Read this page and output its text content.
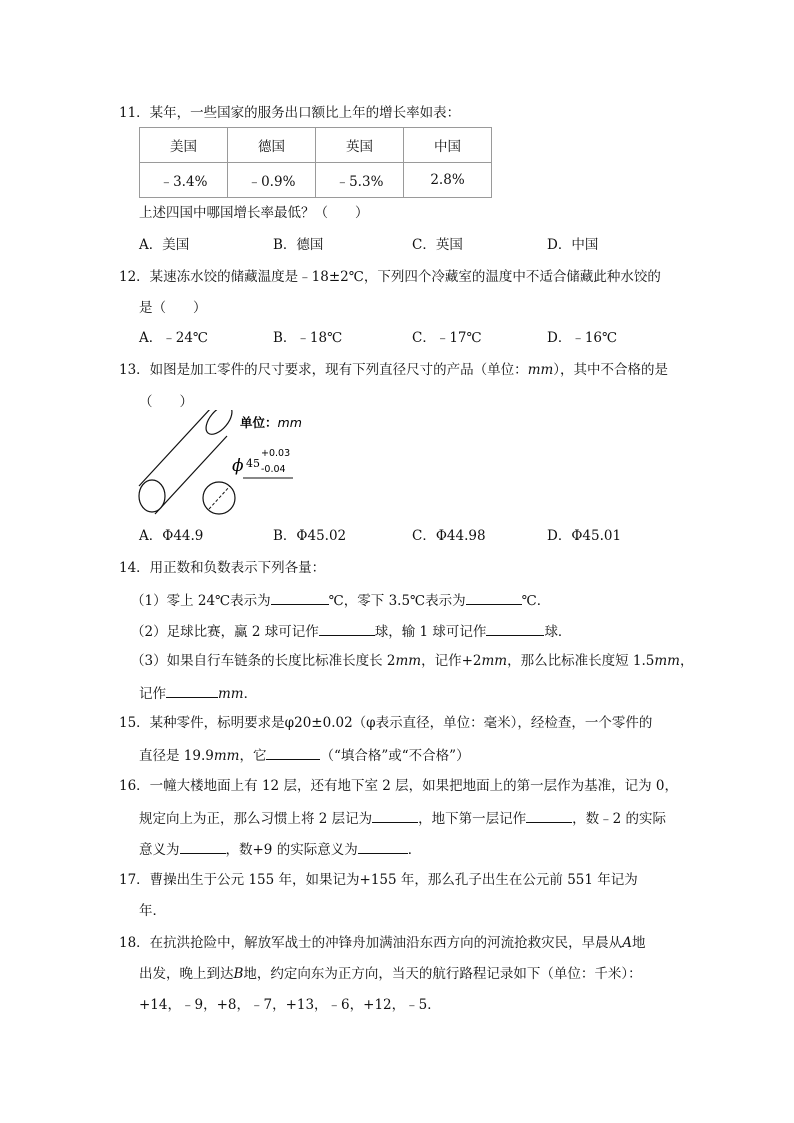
11．某年，一些国家的服务出口额比上年的增长率如表：
美国	德国	英国	中国
﹣3.4%	﹣0.9%	﹣5.3%	2.8%
上述四国中哪国增长率最低？（　　）
A．美国	B．德国	C．英国	D．中国
12．某速冻水饺的储藏温度是﹣18±2℃，下列四个冷藏室的温度中不适合储藏此种水饺的
是（　　）
A．﹣24℃	B．﹣18℃	C．﹣17℃	D．﹣16℃
13．如图是加工零件的尺寸要求，现有下列直径尺寸的产品（单位：mm），其中不合格的是
（　　）
单位：mm
ϕ 45
+0.03
-0.04
A．Φ44.9	B．Φ45.02	C．Φ44.98	D．Φ45.01
14．用正数和负数表示下列各量：
（1）零上 24℃表示为	℃，零下 3.5℃表示为	℃．
（2）足球比赛，赢 2 球可记作	球，输 1 球可记作	球．
（3）如果自行车链条的长度比标准长度长 2mm，记作+2mm，那么比标准长度短 1.5mm，
记作	mm．
15．某种零件，标明要求是φ20±0.02（φ表示直径，单位：毫米），经检查，一个零件的
直径是 19.9mm，它	（“填合格”或“不合格”）
16．一幢大楼地面上有 12 层，还有地下室 2 层，如果把地面上的第一层作为基准，记为 0，
规定向上为正，那么习惯上将 2 层记为	，地下第一层记作	，数﹣2 的实际
意义为	，数+9 的实际意义为	．
17．曹操出生于公元 155 年，如果记为+155 年，那么孔子出生在公元前 551 年记为
年．
18．在抗洪抢险中，解放军战士的冲锋舟加满油沿东西方向的河流抢救灾民，早晨从A地
出发，晚上到达B地，约定向东为正方向，当天的航行路程记录如下（单位：千米）：
+14，﹣9，+8，﹣7，+13，﹣6，+12，﹣5．
